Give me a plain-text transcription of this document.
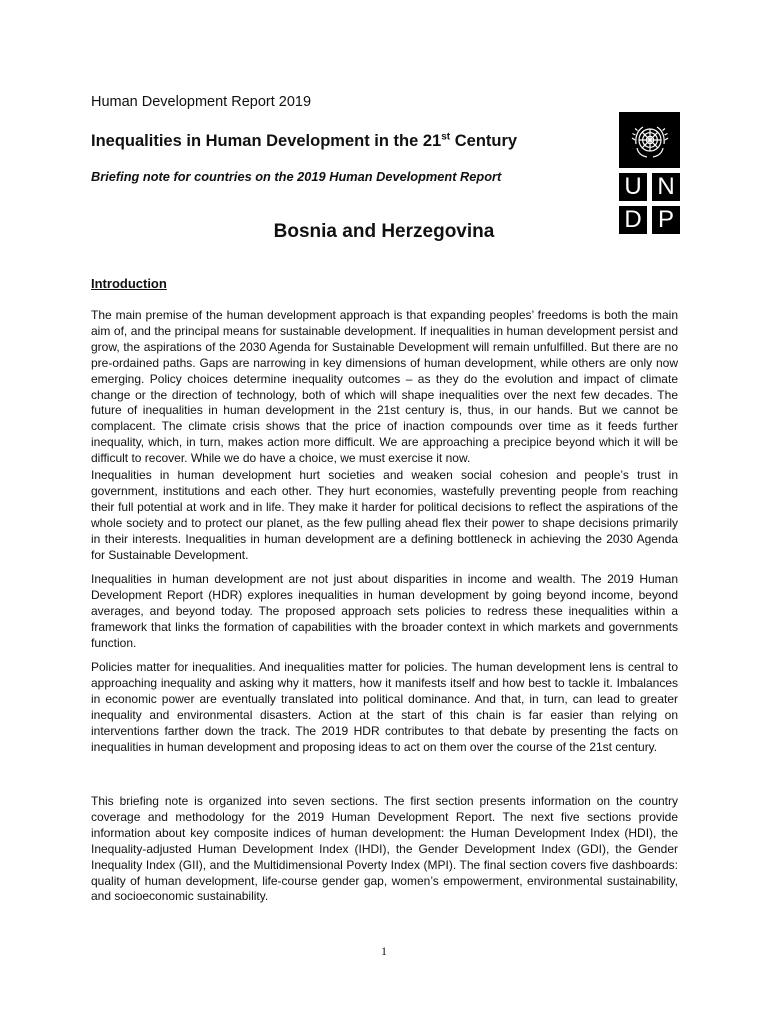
Human Development Report 2019
Inequalities in Human Development in the 21st Century
Briefing note for countries on the 2019 Human Development Report
Bosnia and Herzegovina
U N
D P
Introduction

The main premise of the human development approach is that expanding peoples’ freedoms is both the main aim of, and the principal means for sustainable development. If inequalities in human development persist and grow, the aspirations of the 2030 Agenda for Sustainable Development will remain unfulfilled. But there are no pre-ordained paths. Gaps are narrowing in key dimensions of human development, while others are only now emerging. Policy choices determine inequality outcomes – as they do the evolution and impact of climate change or the direction of technology, both of which will shape inequalities over the next few decades. The future of inequalities in human development in the 21st century is, thus, in our hands. But we cannot be complacent. The climate crisis shows that the price of inaction compounds over time as it feeds further inequality, which, in turn, makes action more difficult. We are approaching a precipice beyond which it will be difficult to recover. While we do have a choice, we must exercise it now.

Inequalities in human development hurt societies and weaken social cohesion and people’s trust in government, institutions and each other. They hurt economies, wastefully preventing people from reaching their full potential at work and in life. They make it harder for political decisions to reflect the aspirations of the whole society and to protect our planet, as the few pulling ahead flex their power to shape decisions primarily in their interests. Inequalities in human development are a defining bottleneck in achieving the 2030 Agenda for Sustainable Development.

Inequalities in human development are not just about disparities in income and wealth. The 2019 Human Development Report (HDR) explores inequalities in human development by going beyond income, beyond averages, and beyond today. The proposed approach sets policies to redress these inequalities within a framework that links the formation of capabilities with the broader context in which markets and governments function.

Policies matter for inequalities. And inequalities matter for policies. The human development lens is central to approaching inequality and asking why it matters, how it manifests itself and how best to tackle it. Imbalances in economic power are eventually translated into political dominance. And that, in turn, can lead to greater inequality and environmental disasters. Action at the start of this chain is far easier than relying on interventions farther down the track. The 2019 HDR contributes to that debate by presenting the facts on inequalities in human development and proposing ideas to act on them over the course of the 21st century.

This briefing note is organized into seven sections. The first section presents information on the country coverage and methodology for the 2019 Human Development Report. The next five sections provide information about key composite indices of human development: the Human Development Index (HDI), the Inequality-adjusted Human Development Index (IHDI), the Gender Development Index (GDI), the Gender Inequality Index (GII), and the Multidimensional Poverty Index (MPI). The final section covers five dashboards: quality of human development, life-course gender gap, women’s empowerment, environmental sustainability, and socioeconomic sustainability.

1
